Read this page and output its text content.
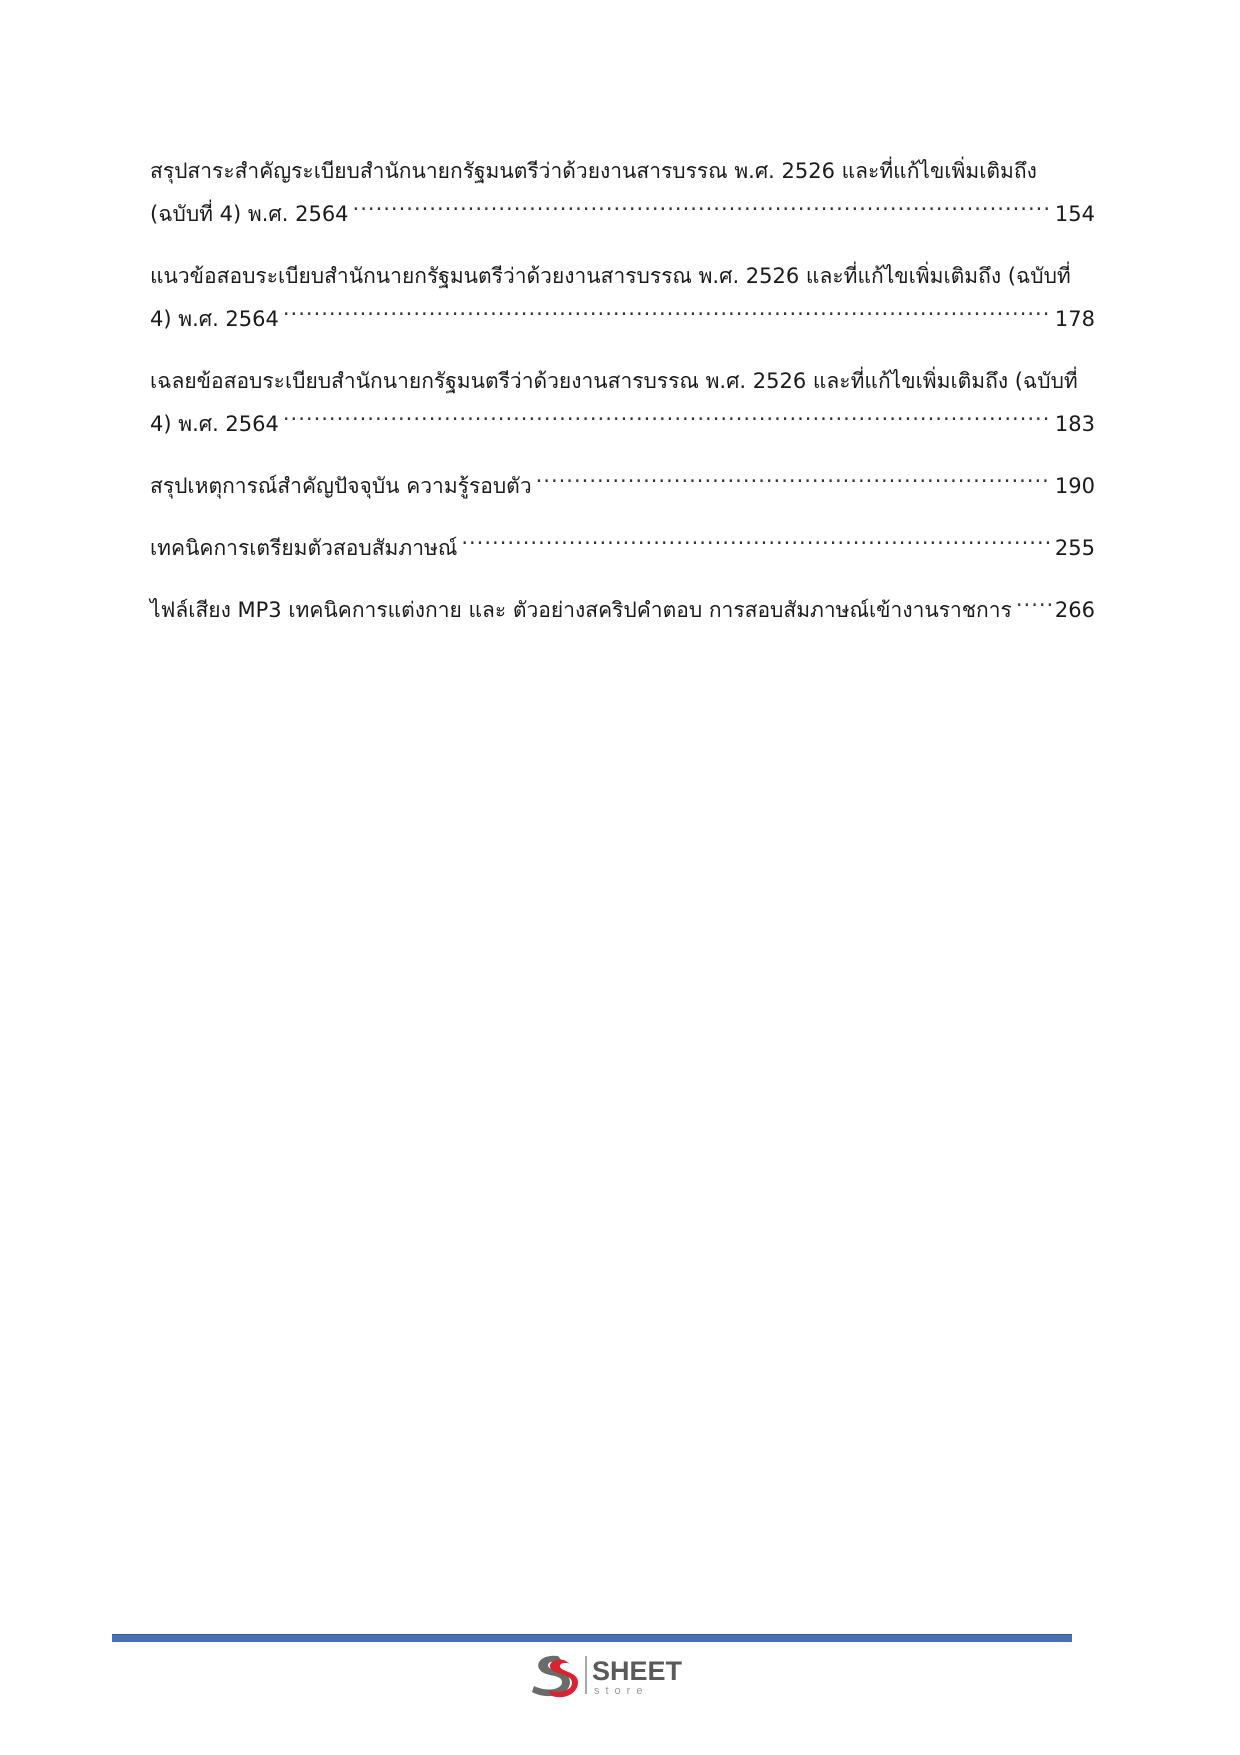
สรุปสาระสำคัญระเบียบสำนักนายกรัฐมนตรีว่าด้วยงานสารบรรณ พ.ศ. 2526 และที่แก้ไขเพิ่มเติมถึง
(ฉบับที่ 4) พ.ศ. 2564 .....	154
แนวข้อสอบระเบียบสำนักนายกรัฐมนตรีว่าด้วยงานสารบรรณ พ.ศ. 2526 และที่แก้ไขเพิ่มเติมถึง (ฉบับที่
4) พ.ศ. 2564 .....	178
เฉลยข้อสอบระเบียบสำนักนายกรัฐมนตรีว่าด้วยงานสารบรรณ พ.ศ. 2526 และที่แก้ไขเพิ่มเติมถึง (ฉบับที่
4) พ.ศ. 2564 .....	183
สรุปเหตุการณ์สำคัญปัจจุบัน ความรู้รอบตัว .....	190
เทคนิคการเตรียมตัวสอบสัมภาษณ์ .....	255
ไฟล์เสียง MP3 เทคนิคการแต่งกาย และ ตัวอย่างสคริปคำตอบ การสอบสัมภาษณ์เข้างานราชการ ..... 266
SHEET
store
